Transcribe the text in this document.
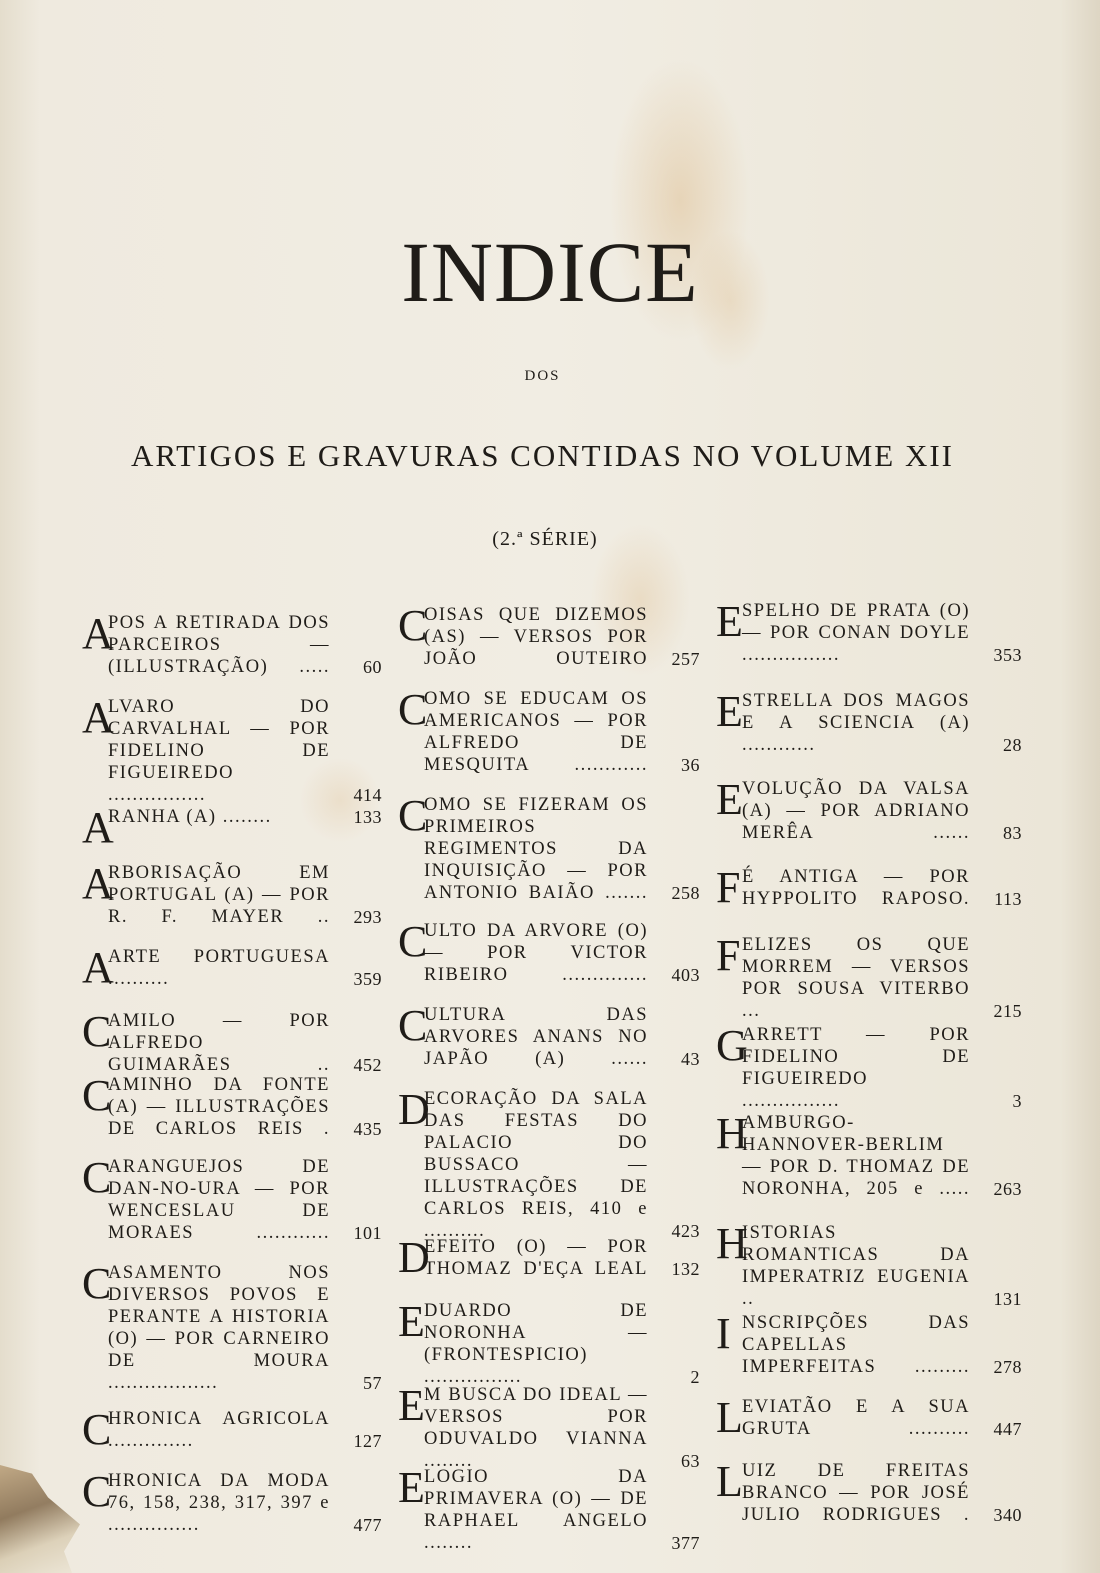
INDICE
DOS
ARTIGOS E GRAVURAS CONTIDAS NO VOLUME XII
(2.ª SÉRIE)
A
POS A RETIRADA DOS PARCEIROS — (ILLUSTRAÇÃO) ..... 60
A
LVARO DO CARVALHAL — POR FIDELINO DE FIGUEIREDO ................	414
A
RANHA (A) ........	133
A
RBORISAÇÃO EM PORTUGAL (A) — POR R. F. MAYER .. 293
A
ARTE PORTUGUESA ..........	359
C
AMILO — POR ALFREDO GUIMARÃES .. 452
C
AMINHO DA FONTE (A) — ILLUSTRAÇÕES DE CARLOS REIS . 435
C
ARANGUEJOS DE DAN-NO-URA — POR WENCESLAU DE MORAES ............ 101
C
ASAMENTO NOS DIVERSOS POVOS E PERANTE A HISTORIA (O) — POR CARNEIRO DE MOURA ..................	57
C
HRONICA AGRICOLA ..............	127
C
HRONICA DA MODA 76, 158, 238, 317, 397 e ...............	477
C
OISAS QUE DIZEMOS (AS) — VERSOS POR JOÃO OUTEIRO 257
C
OMO SE EDUCAM OS AMERICANOS — POR ALFREDO DE MESQUITA ............ 36
C
OMO SE FIZERAM OS PRIMEIROS REGIMENTOS DA INQUISIÇÃO — POR ANTONIO BAIÃO ....... 258
C
ULTO DA ARVORE (O) — POR VICTOR RIBEIRO .............. 403
C
ULTURA DAS ARVORES ANANS NO JAPÃO (A) ...... 43
D
ECORAÇÃO DA SALA DAS FESTAS DO PALACIO DO BUSSACO — ILLUSTRAÇÕES DE CARLOS REIS, 410 e ..........	423
D
EFEITO (O) — POR THOMAZ D'EÇA LEAL 132
E DUARDO DE NORONHA — (FRONTESPICIO) ................	2
E M BUSCA DO IDEAL — VERSOS POR ODUVALDO VIANNA ........	63
E LOGIO DA PRIMAVERA (O) — DE RAPHAEL ANGELO ........	377
E SPELHO DE PRATA (O) — POR CONAN DOYLE ................	353
E STRELLA DOS MAGOS E A SCIENCIA (A) ............	28
E VOLUÇÃO DA VALSA (A) — POR ADRIANO MERÊA ...... 83
F É ANTIGA — POR HYPPOLITO RAPOSO. 113
F ELIZES OS QUE MORREM — VERSOS POR SOUSA VITERBO ...	215
G
ARRETT — POR FIDELINO DE FIGUEIREDO ................	3
H
AMBURGO-HANNOVER-BERLIM — POR D. THOMAZ DE NORONHA, 205 e ..... 263
H
ISTORIAS ROMANTICAS DA IMPERATRIZ EUGENIA ..	131
I NSCRIPÇÕES DAS CAPELLAS IMPERFEITAS ......... 278
L EVIATÃO E A SUA GRUTA .......... 447
L UIZ DE FREITAS BRANCO — POR JOSÉ JULIO RODRIGUES . 340
